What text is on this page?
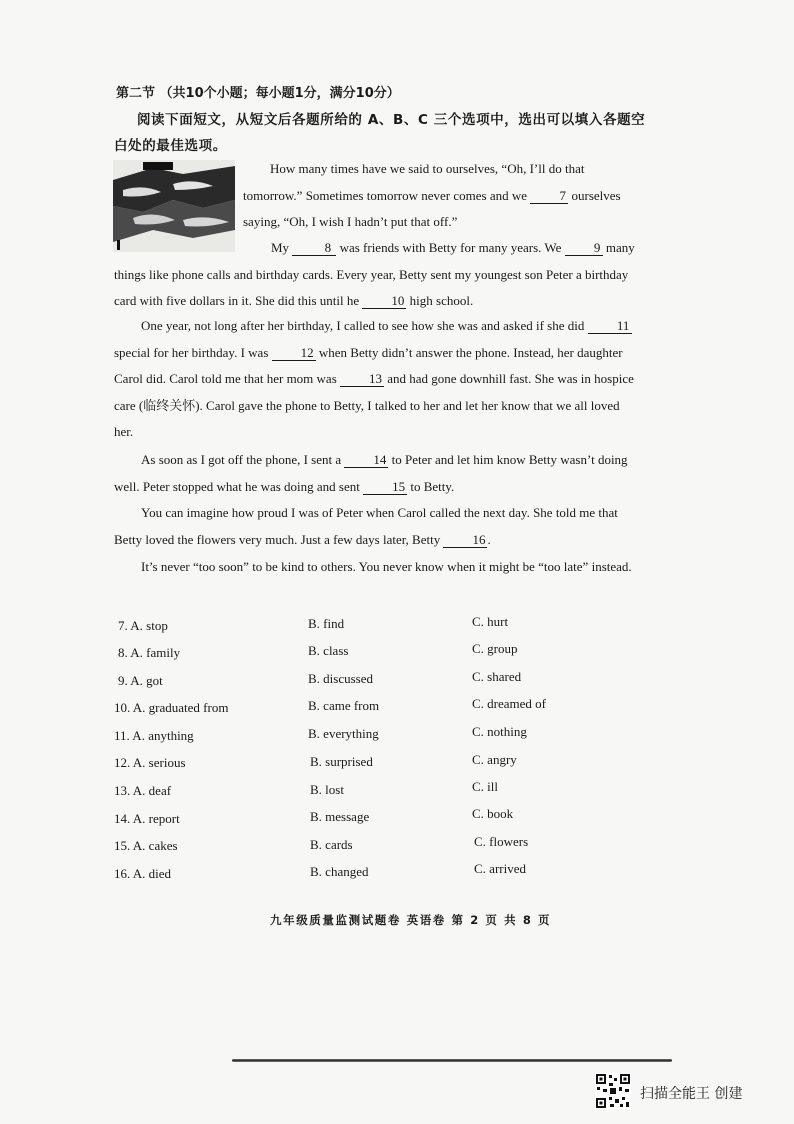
第二节 （共10个小题；每小题1分，满分10分）
阅读下面短文，从短文后各题所给的 A、B、C 三个选项中，选出可以填入各题空白处的最佳选项。

How many times have we said to ourselves, “Oh, I’ll do that tomorrow.” Sometimes tomorrow never comes and we 7 ourselves saying, “Oh, I wish I hadn’t put that off.”

My 8 was friends with Betty for many years. We 9 many things like phone calls and birthday cards. Every year, Betty sent my youngest son Peter a birthday card with five dollars in it. She did this until he 10 high school.

One year, not long after her birthday, I called to see how she was and asked if she did 11 special for her birthday. I was 12 when Betty didn’t answer the phone. Instead, her daughter Carol did. Carol told me that her mom was 13 and had gone downhill fast. She was in hospice care (临终关怀). Carol gave the phone to Betty, I talked to her and let her know that we all loved her.

As soon as I got off the phone, I sent a 14 to Peter and let him know Betty wasn’t doing well. Peter stopped what he was doing and sent 15 to Betty.

You can imagine how proud I was of Peter when Carol called the next day. She told me that Betty loved the flowers very much. Just a few days later, Betty 16 .

It’s never “too soon” to be kind to others. You never know when it might be “too late” instead.

7. A. stop	B. find	C. hurt
8. A. family	B. class	C. group
9. A. got	B. discussed	C. shared
10. A. graduated from	B. came from	C. dreamed of
11. A. anything	B. everything	C. nothing
12. A. serious	B. surprised	C. angry
13. A. deaf	B. lost	C. ill
14. A. report	B. message	C. book
15. A. cakes	B. cards	C. flowers
16. A. died	B. changed	C. arrived
九年级质量监测试题卷 英语卷 第 2 页 共 8 页
扫描全能王 创建
